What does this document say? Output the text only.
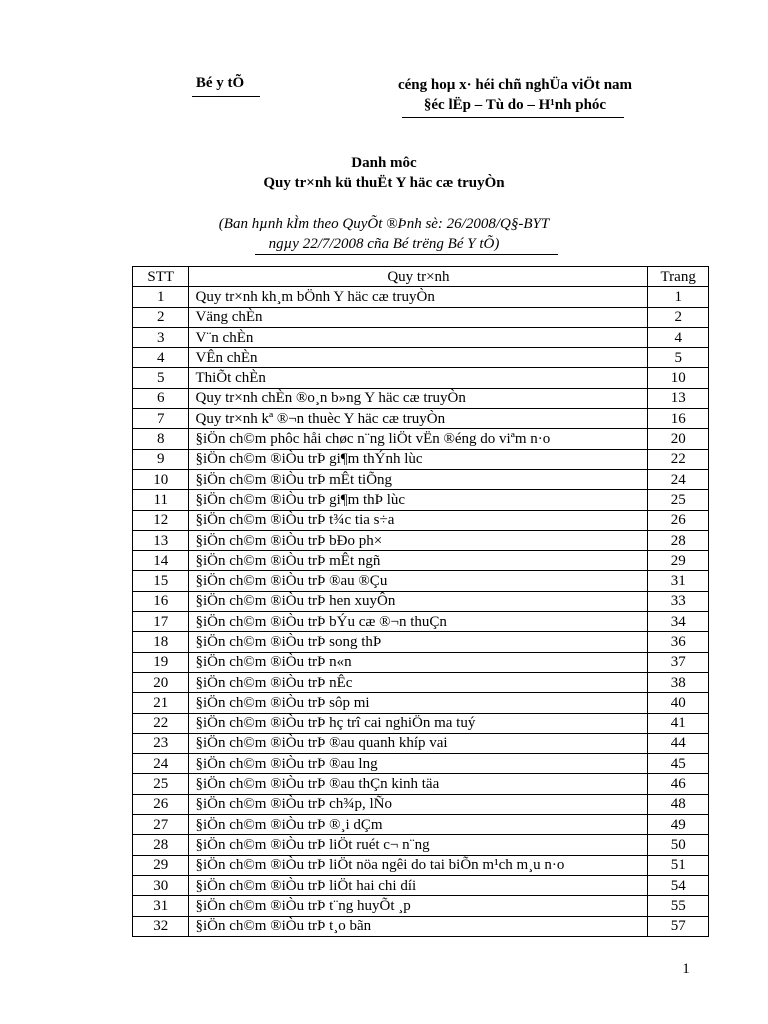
Bé y tÕ	céng hoµ x· héi chñ nghÜa viÖt nam
§éc lËp – Tù do – H¹nh phóc
Danh môc
Quy tr×nh kü thuËt Y häc cæ truyÒn
(Ban hµnh kÌm theo QuyÕt ®Þnh sè: 26/2008/Q§-BYT
ngµy 22/7/2008 cña Bé trëng Bé Y tÕ)
STT	Quy tr×nh	Trang
1	Quy tr×nh kh¸m bÖnh Y häc cæ truyÒn	1
2	Väng chÈn	2
3	V¨n chÈn	4
4	VÊn chÈn	5
5	ThiÕt chÈn	10
6	Quy tr×nh chÈn ®o¸n b»ng Y häc cæ truyÒn	13
7	Quy tr×nh kª ®¬n thuèc Y häc cæ truyÒn	16
8	§iÖn ch©m phôc håi chøc n¨ng liÖt vËn ®éng do viªm n·o	20
9	§iÖn ch©m ®iÒu trÞ gi¶m thÝnh lùc	22
10	§iÖn ch©m ®iÒu trÞ mÊt tiÕng	24
11	§iÖn ch©m ®iÒu trÞ gi¶m thÞ lùc	25
12	§iÖn ch©m ®iÒu trÞ t¾c tia s÷a	26
13	§iÖn ch©m ®iÒu trÞ bÐo ph×	28
14	§iÖn ch©m ®iÒu trÞ mÊt ngñ	29
15	§iÖn ch©m ®iÒu trÞ ®au ®Çu	31
16	§iÖn ch©m ®iÒu trÞ hen xuyÔn	33
17	§iÖn ch©m ®iÒu trÞ bÝu cæ ®¬n thuÇn	34
18	§iÖn ch©m ®iÒu trÞ song thÞ	36
19	§iÖn ch©m ®iÒu trÞ n«n	37
20	§iÖn ch©m ®iÒu trÞ nÊc	38
21	§iÖn ch©m ®iÒu trÞ sôp mi	40
22	§iÖn ch©m ®iÒu trÞ hç trî cai nghiÖn ma tuý	41
23	§iÖn ch©m ®iÒu trÞ ®au quanh khíp vai	44
24	§iÖn ch©m ®iÒu trÞ ®au lng	45
25	§iÖn ch©m ®iÒu trÞ ®au thÇn kinh täa	46
26	§iÖn ch©m ®iÒu trÞ ch¾p, lÑo	48
27	§iÖn ch©m ®iÒu trÞ ®¸i dÇm	49
28	§iÖn ch©m ®iÒu trÞ liÖt ruét c¬ n¨ng	50
29	§iÖn ch©m ®iÒu trÞ liÖt nöa ngêi do tai biÕn m¹ch m¸u n·o	51
30	§iÖn ch©m ®iÒu trÞ liÖt hai chi díi	54
31	§iÖn ch©m ®iÒu trÞ t¨ng huyÕt ¸p	55
32	§iÖn ch©m ®iÒu trÞ t¸o bãn	57
1
